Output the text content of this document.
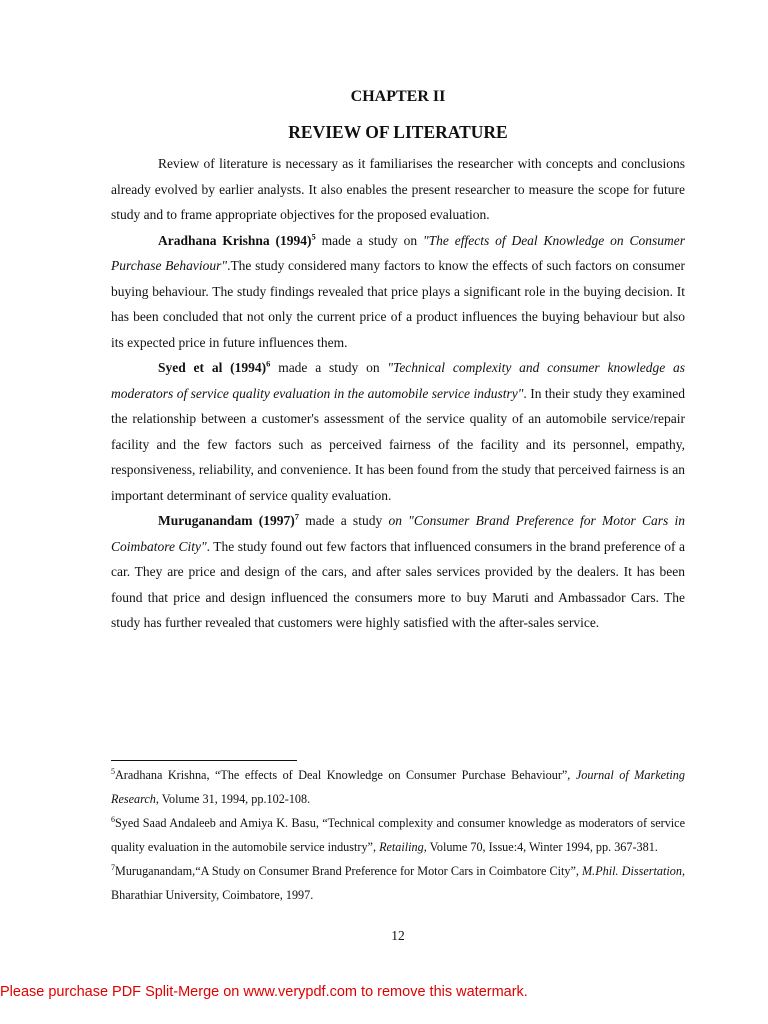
CHAPTER II
REVIEW OF LITERATURE

Review of literature is necessary as it familiarises the researcher with concepts and conclusions already evolved by earlier analysts. It also enables the present researcher to measure the scope for future study and to frame appropriate objectives for the proposed evaluation.

Aradhana Krishna $(1994)^5$ made a study on "The effects of Deal Knowledge on Consumer Purchase Behaviour".The study considered many factors to know the effects of such factors on consumer buying behaviour. The study findings revealed that price plays a significant role in the buying decision. It has been concluded that not only the current price of a product influences the buying behaviour but also its expected price in future influences them.

Syed et al $(1994)^6$ made a study on "Technical complexity and consumer knowledge as moderators of service quality evaluation in the automobile service industry". In their study they examined the relationship between a customer's assessment of the service quality of an automobile service/repair facility and the few factors such as perceived fairness of the facility and its personnel, empathy, responsiveness, reliability, and convenience. It has been found from the study that perceived fairness is an important determinant of service quality evaluation.

Muruganandam $(1997)^7$ made a study on "Consumer Brand Preference for Motor Cars in Coimbatore City". The study found out few factors that influenced consumers in the brand preference of a car. They are price and design of the cars, and after sales services provided by the dealers. It has been found that price and design influenced the consumers more to buy Maruti and Ambassador Cars. The study has further revealed that customers were highly satisfied with the after-sales service.

$^5$Aradhana Krishna, “The effects of Deal Knowledge on Consumer Purchase Behaviour”, Journal of Marketing Research, Volume 31, 1994, pp.102-108.

$^6$Syed Saad Andaleeb and Amiya K. Basu, “Technical complexity and consumer knowledge as moderators of service quality evaluation in the automobile service industry”, Retailing, Volume 70, Issue:4, Winter 1994, pp. 367-381.

$^7$Muruganandam,“A Study on Consumer Brand Preference for Motor Cars in Coimbatore City”, M.Phil. Dissertation, Bharathiar University, Coimbatore, 1997.

12
Please purchase PDF Split-Merge on www.verypdf.com to remove this watermark.
